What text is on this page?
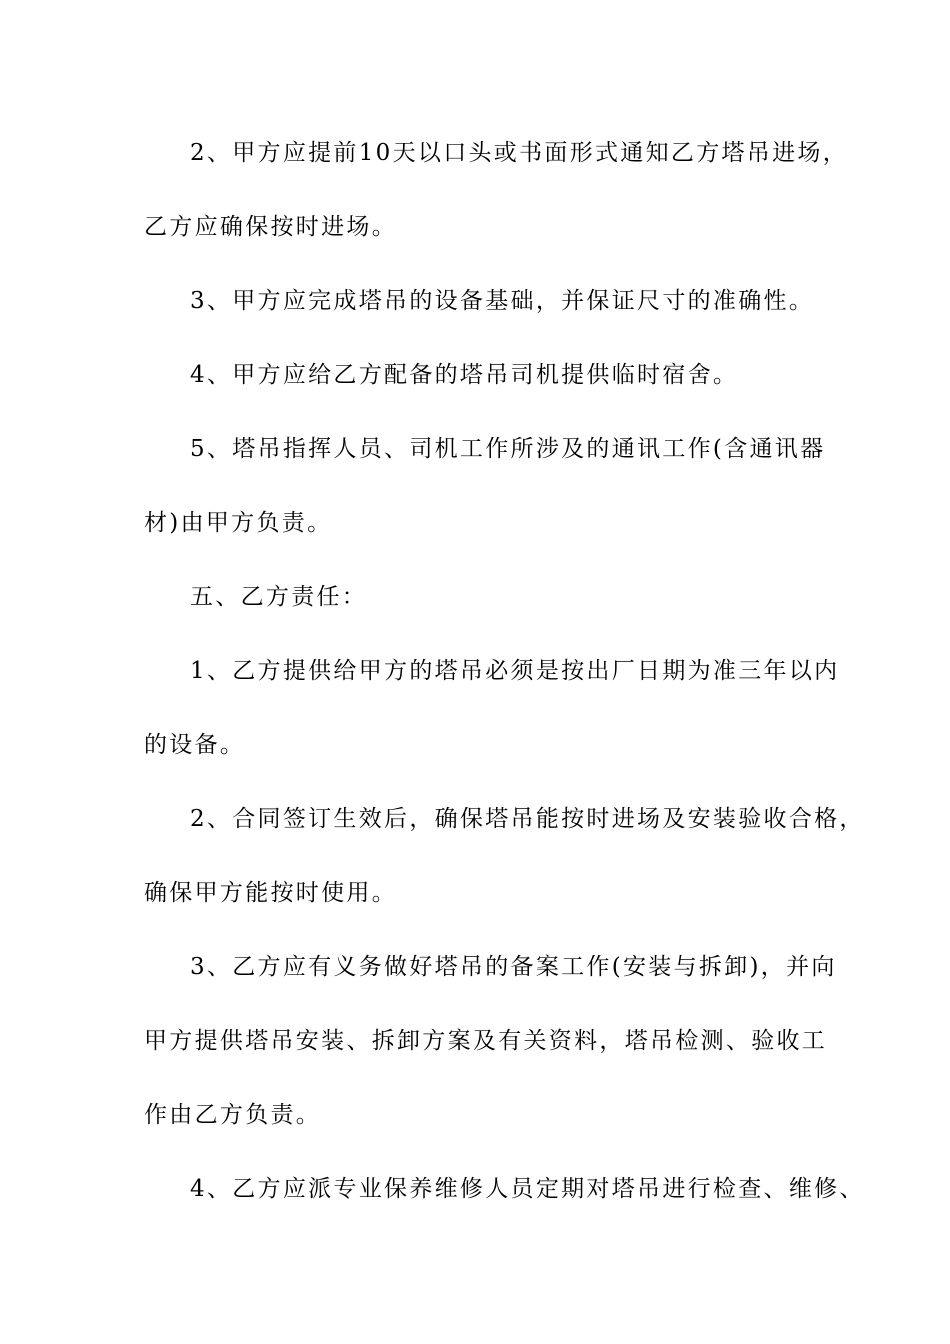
2、甲方应提前10天以口头或书面形式通知乙方塔吊进场，
乙方应确保按时进场。
3、甲方应完成塔吊的设备基础，并保证尺寸的准确性。
4、甲方应给乙方配备的塔吊司机提供临时宿舍。
5、塔吊指挥人员、司机工作所涉及的通讯工作(含通讯器
材)由甲方负责。
五、乙方责任：
1、乙方提供给甲方的塔吊必须是按出厂日期为准三年以内
的设备。
2、合同签订生效后，确保塔吊能按时进场及安装验收合格，
确保甲方能按时使用。
3、乙方应有义务做好塔吊的备案工作(安装与拆卸)，并向
甲方提供塔吊安装、拆卸方案及有关资料，塔吊检测、验收工
作由乙方负责。
4、乙方应派专业保养维修人员定期对塔吊进行检查、维修、
